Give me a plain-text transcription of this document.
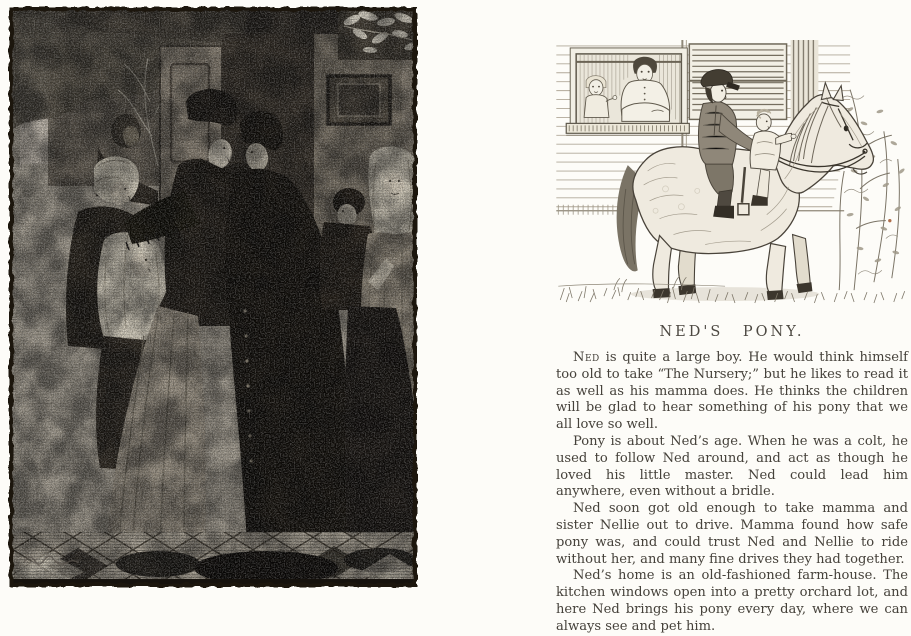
NED'S PONY.

Ned is quite a large boy. He would think himself too old to take “The Nursery;” but he likes to read it as well as his mamma does. He thinks the children will be glad to hear something of his pony that we all love so well.

Pony is about Ned’s age. When he was a colt, he used to follow Ned around, and act as though he loved his little master. Ned could lead him anywhere, even without a bridle.

Ned soon got old enough to take mamma and sister Nellie out to drive. Mamma found how safe pony was, and could trust Ned and Nellie to ride without her, and many fine drives they had together.

Ned’s home is an old-fashioned farm-house. The kitchen windows open into a pretty orchard lot, and here Ned brings his pony every day, where we can always see and pet him.
